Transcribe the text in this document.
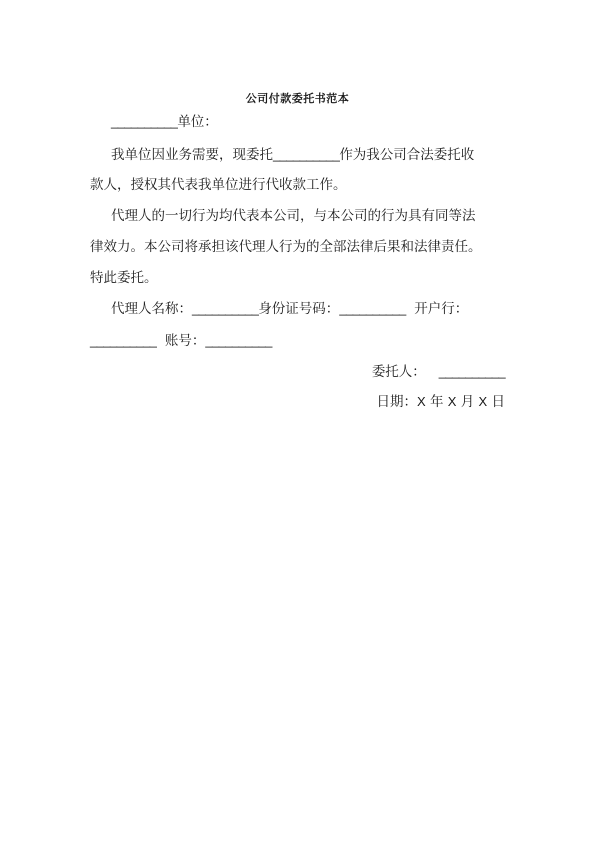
公司付款委托书范本
__________单位：
我单位因业务需要，现委托__________作为我公司合法委托收
款人，授权其代表我单位进行代收款工作。
代理人的一切行为均代表本公司，与本公司的行为具有同等法
律效力。本公司将承担该代理人行为的全部法律后果和法律责任。
特此委托。
代理人名称：__________身份证号码：__________ 开户行：
__________ 账号：__________
委托人： __________
日期：X 年 X 月 X 日
